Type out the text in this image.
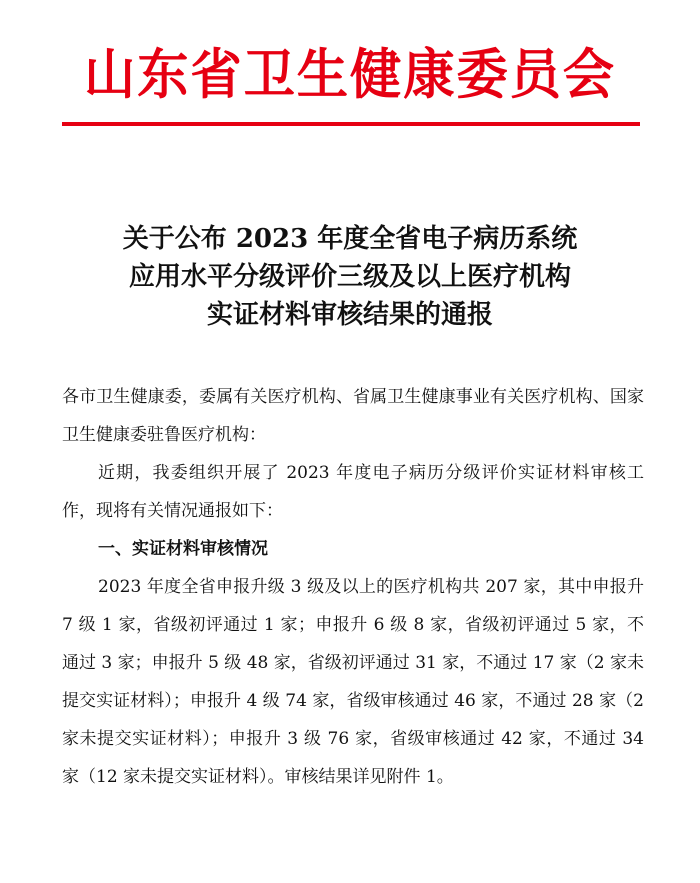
山东省卫生健康委员会
关于公布 2023 年度全省电子病历系统
应用水平分级评价三级及以上医疗机构
实证材料审核结果的通报

各市卫生健康委，委属有关医疗机构、省属卫生健康事业有关医疗机构、国家卫生健康委驻鲁医疗机构：

近期，我委组织开展了 2023 年度电子病历分级评价实证材料审核工作，现将有关情况通报如下：

一、实证材料审核情况

2023 年度全省申报升级 3 级及以上的医疗机构共 207 家，其中申报升 7 级 1 家，省级初评通过 1 家；申报升 6 级 8 家，省级初评通过 5 家，不通过 3 家；申报升 5 级 48 家，省级初评通过 31 家，不通过 17 家（2 家未提交实证材料）；申报升 4 级 74 家，省级审核通过 46 家，不通过 28 家（2 家未提交实证材料）；申报升 3 级 76 家，省级审核通过 42 家，不通过 34 家（12 家未提交实证材料）。审核结果详见附件 1。
